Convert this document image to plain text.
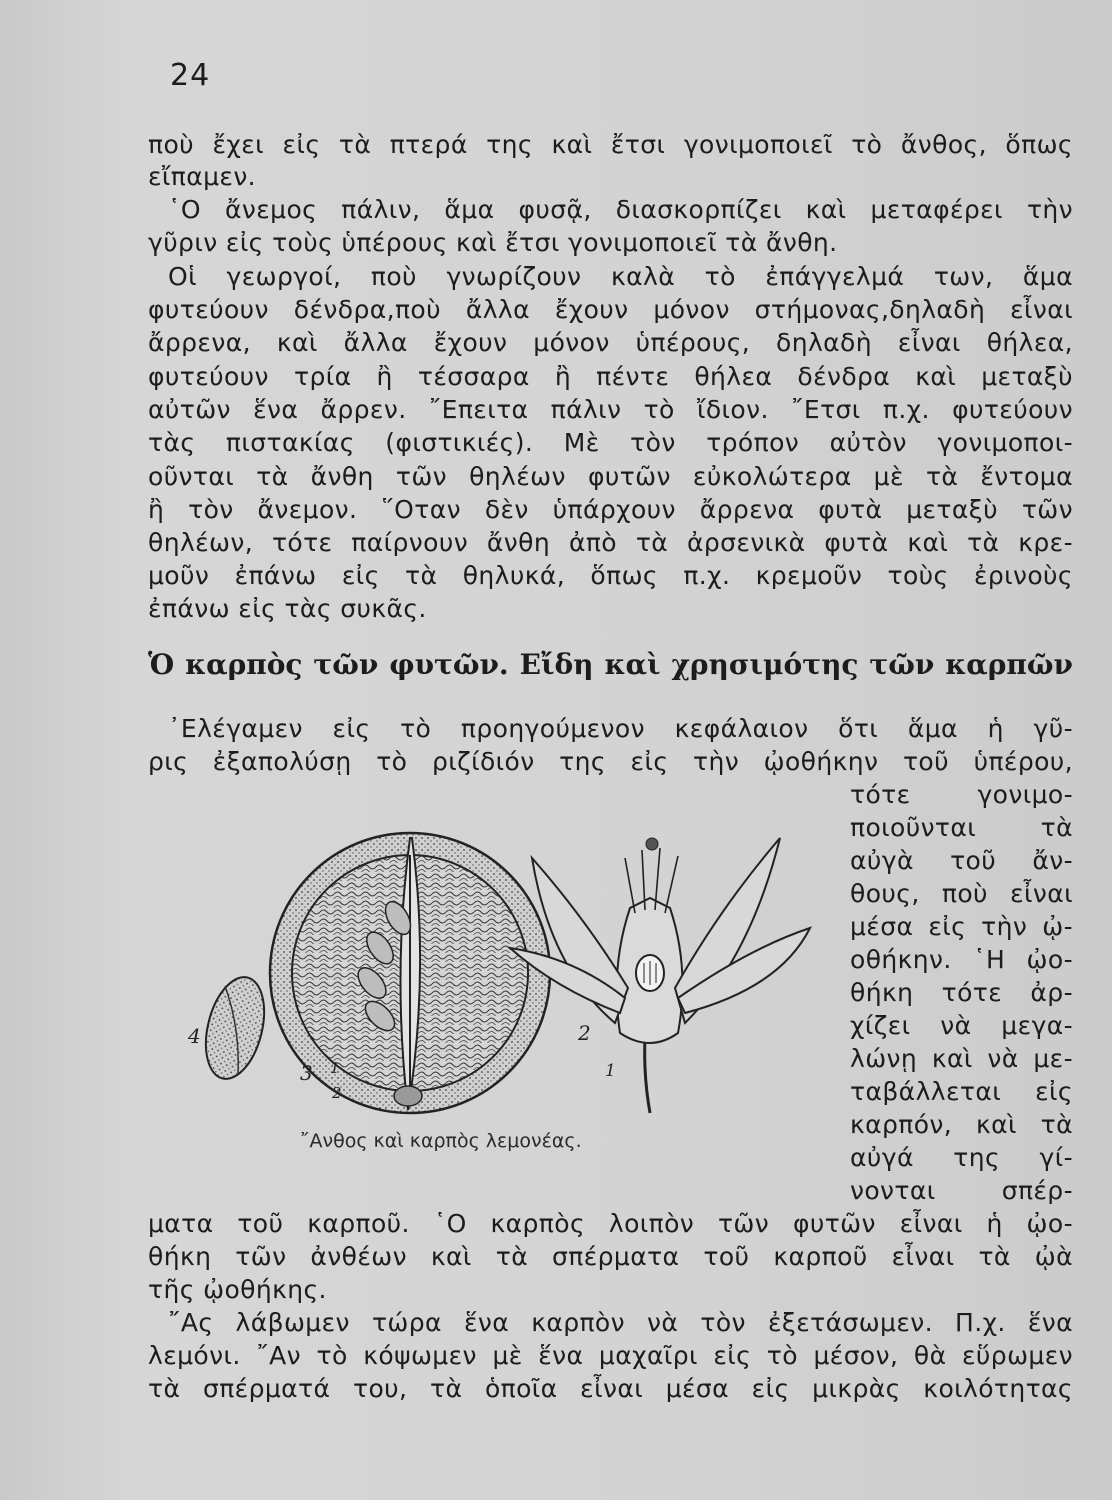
24
ποὺ ἔχει εἰς τὰ πτερά της καὶ ἔτσι γονιμοποιεῖ τὸ ἄνθος, ὅπως
εἴπαμεν.
῾Ο ἄνεμος πάλιν, ἅμα φυσᾷ, διασκορπίζει καὶ μεταφέρει τὴν
γῦριν εἰς τοὺς ὑπέρους καὶ ἔτσι γονιμοποιεῖ τὰ ἄνθη.
Οἱ γεωργοί, ποὺ γνωρίζουν καλὰ τὸ ἐπάγγελμά των, ἅμα
φυτεύουν δένδρα,ποὺ ἄλλα ἔχουν μόνον στήμονας,δηλαδὴ εἶναι
ἄρρενα, καὶ ἄλλα ἔχουν μόνον ὑπέρους, δηλαδὴ εἶναι θήλεα,
φυτεύουν τρία ἢ τέσσαρα ἢ πέντε θήλεα δένδρα καὶ μεταξὺ
αὐτῶν ἕνα ἄρρεν. ῎Επειτα πάλιν τὸ ἴδιον. ῎Ετσι π.χ. φυτεύουν
τὰς πιστακίας (φιστικιές). Μὲ τὸν τρόπον αὐτὸν γονιμοποι-
οῦνται τὰ ἄνθη τῶν θηλέων φυτῶν εὐκολώτερα μὲ τὰ ἔντομα
ἢ τὸν ἄνεμον. ῞Οταν δὲν ὑπάρχουν ἄρρενα φυτὰ μεταξὺ τῶν
θηλέων, τότε παίρνουν ἄνθη ἀπὸ τὰ ἀρσενικὰ φυτὰ καὶ τὰ κρε-
μοῦν ἐπάνω εἰς τὰ θηλυκά, ὅπως π.χ. κρεμοῦν τοὺς ἐρινοὺς
ἐπάνω εἰς τὰς συκᾶς.
Ὁ καρπὸς τῶν φυτῶν. Εἴδη καὶ χρησιμότης τῶν καρπῶν
᾿Ελέγαμεν εἰς τὸ προηγούμενον κεφάλαιον ὅτι ἅμα ἡ γῦ-
ρις ἐξαπολύσῃ τὸ ριζίδιόν της εἰς τὴν ᾠοθήκην τοῦ ὑπέρου,
τότε γονιμο-
ποιοῦνται τὰ
αὐγὰ τοῦ ἄν-
θους, ποὺ εἶναι
μέσα εἰς τὴν ᾠ-
οθήκην. ῾Η ᾠο-
θήκη τότε ἀρ-
χίζει νὰ μεγα-
λώνῃ καὶ νὰ με-
ταβάλλεται εἰς
καρπόν, καὶ τὰ
αὐγά της γί-
νονται σπέρ-
4
3 1
2
2
1
῎Ανθος καὶ καρπὸς λεμονέας.
ματα τοῦ καρποῦ. ῾Ο καρπὸς λοιπὸν τῶν φυτῶν εἶναι ἡ ᾠο-
θήκη τῶν ἀνθέων καὶ τὰ σπέρματα τοῦ καρποῦ εἶναι τὰ ᾠὰ
τῆς ᾠοθήκης.
῎Ας λάβωμεν τώρα ἕνα καρπὸν νὰ τὸν ἐξετάσωμεν. Π.χ. ἕνα
λεμόνι. ῎Αν τὸ κόψωμεν μὲ ἕνα μαχαῖρι εἰς τὸ μέσον, θὰ εὕρωμεν
τὰ σπέρματά του, τὰ ὁποῖα εἶναι μέσα εἰς μικρὰς κοιλότητας
